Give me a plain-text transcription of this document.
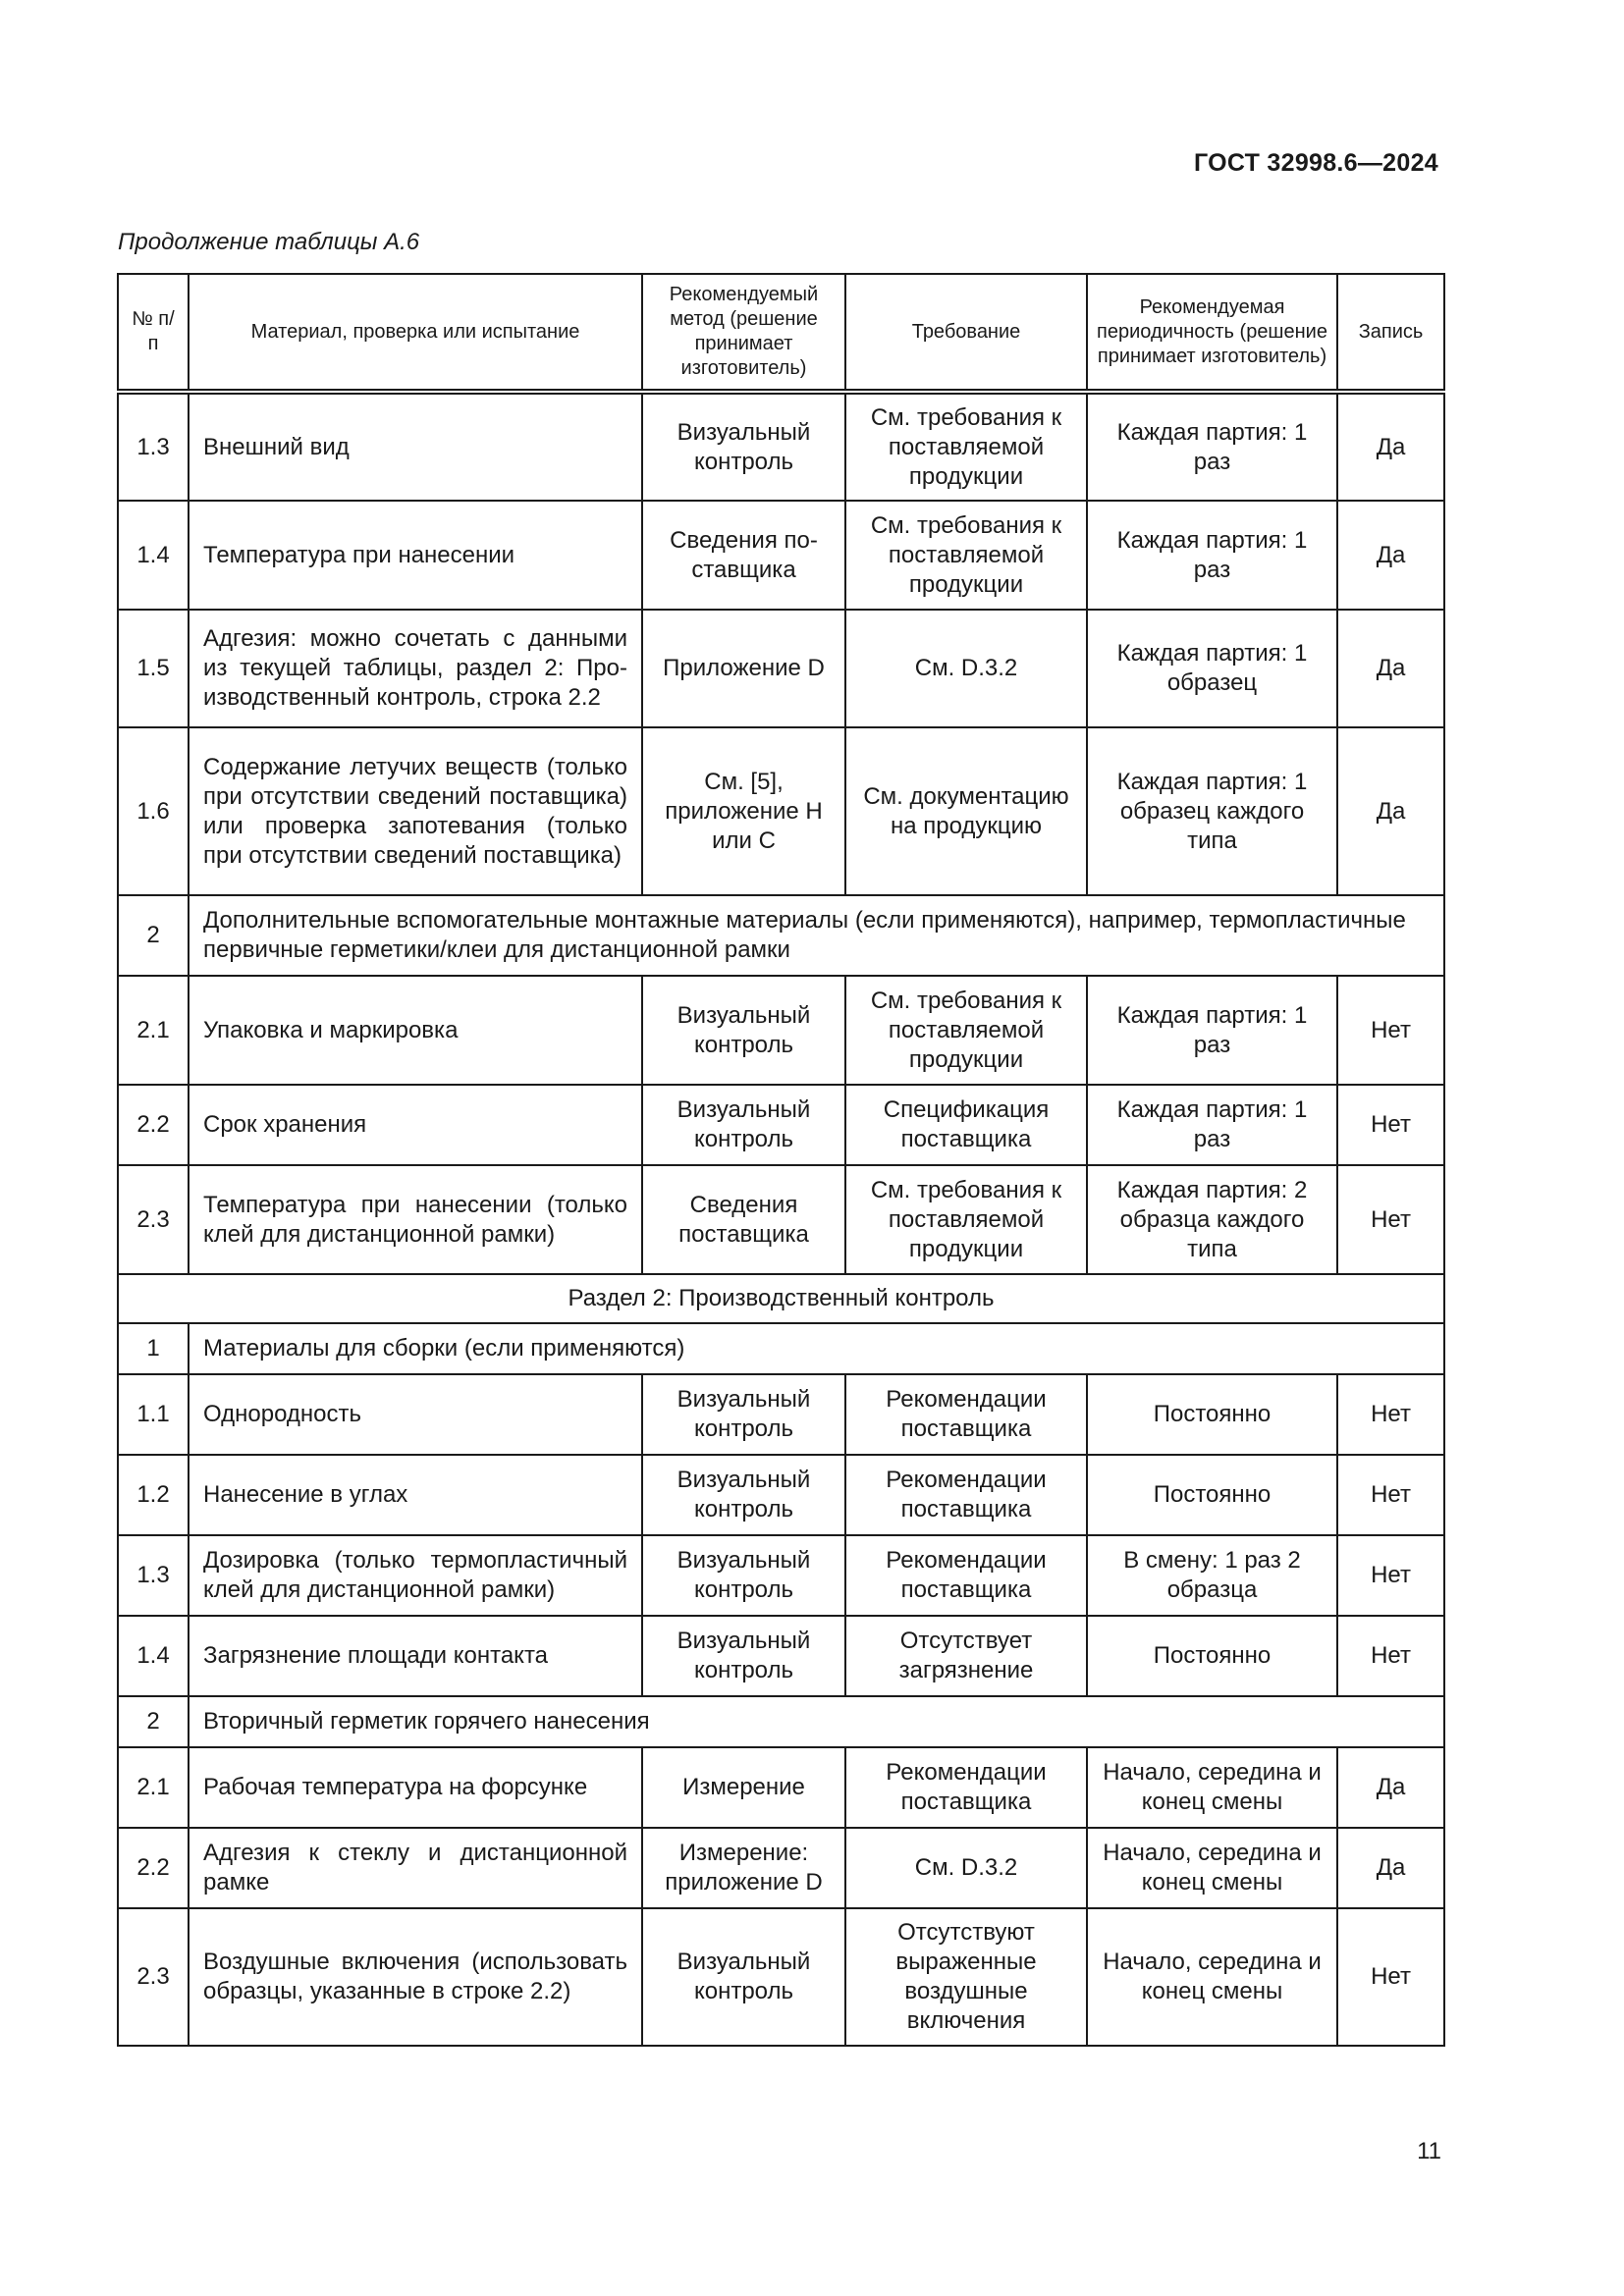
ГОСТ 32998.6—2024
Продолжение таблицы А.6
№ п/п	Материал, проверка или испытание	Рекомендуемый метод (решение принимает изготовитель)	Требование	Рекомендуемая периодичность (решение принимает изготовитель)	Запись
1.3	Внешний вид	Визуальный контроль	См. требования к поставляемой продукции	Каждая партия: 1 раз	Да
1.4	Температура при нанесении	Сведения поставщика	См. требования к поставляемой продукции	Каждая партия: 1 раз	Да
1.5	Адгезия: можно сочетать с данными из текущей таблицы, раздел 2: Производственный контроль, строка 2.2	Приложение D	См. D.3.2	Каждая партия: 1 образец	Да
1.6	Содержание летучих веществ (только при отсутствии сведений поставщика) или проверка запотевания (только при отсутствии сведений поставщика)	См. [5], приложение H или C	См. документацию на продукцию	Каждая партия: 1 образец каждого типа	Да
2	Дополнительные вспомогательные монтажные материалы (если применяются), например, термопластичные первичные герметики/клеи для дистанционной рамки				
2.1	Упаковка и маркировка	Визуальный контроль	См. требования к поставляемой продукции	Каждая партия: 1 раз	Нет
2.2	Срок хранения	Визуальный контроль	Спецификация поставщика	Каждая партия: 1 раз	Нет
2.3	Температура при нанесении (только клей для дистанционной рамки)	Сведения поставщика	См. требования к поставляемой продукции	Каждая партия: 2 образца каждого типа	Нет
Раздел 2: Производственный контроль					
1	Материалы для сборки (если применяются)				
1.1	Однородность	Визуальный контроль	Рекомендации поставщика	Постоянно	Нет
1.2	Нанесение в углах	Визуальный контроль	Рекомендации поставщика	Постоянно	Нет
1.3	Дозировка (только термопластичный клей для дистанционной рамки)	Визуальный контроль	Рекомендации поставщика	В смену: 1 раз 2 образца	Нет
1.4	Загрязнение площади контакта	Визуальный контроль	Отсутствует загрязнение	Постоянно	Нет
2	Вторичный герметик горячего нанесения				
2.1	Рабочая температура на форсунке	Измерение	Рекомендации поставщика	Начало, середина и конец смены	Да
2.2	Адгезия к стеклу и дистанционной рамке	Измерение: приложение D	См. D.3.2	Начало, середина и конец смены	Да
2.3	Воздушные включения (использовать образцы, указанные в строке 2.2)	Визуальный контроль	Отсутствуют выраженные воздушные включения	Начало, середина и конец смены	Нет
11
